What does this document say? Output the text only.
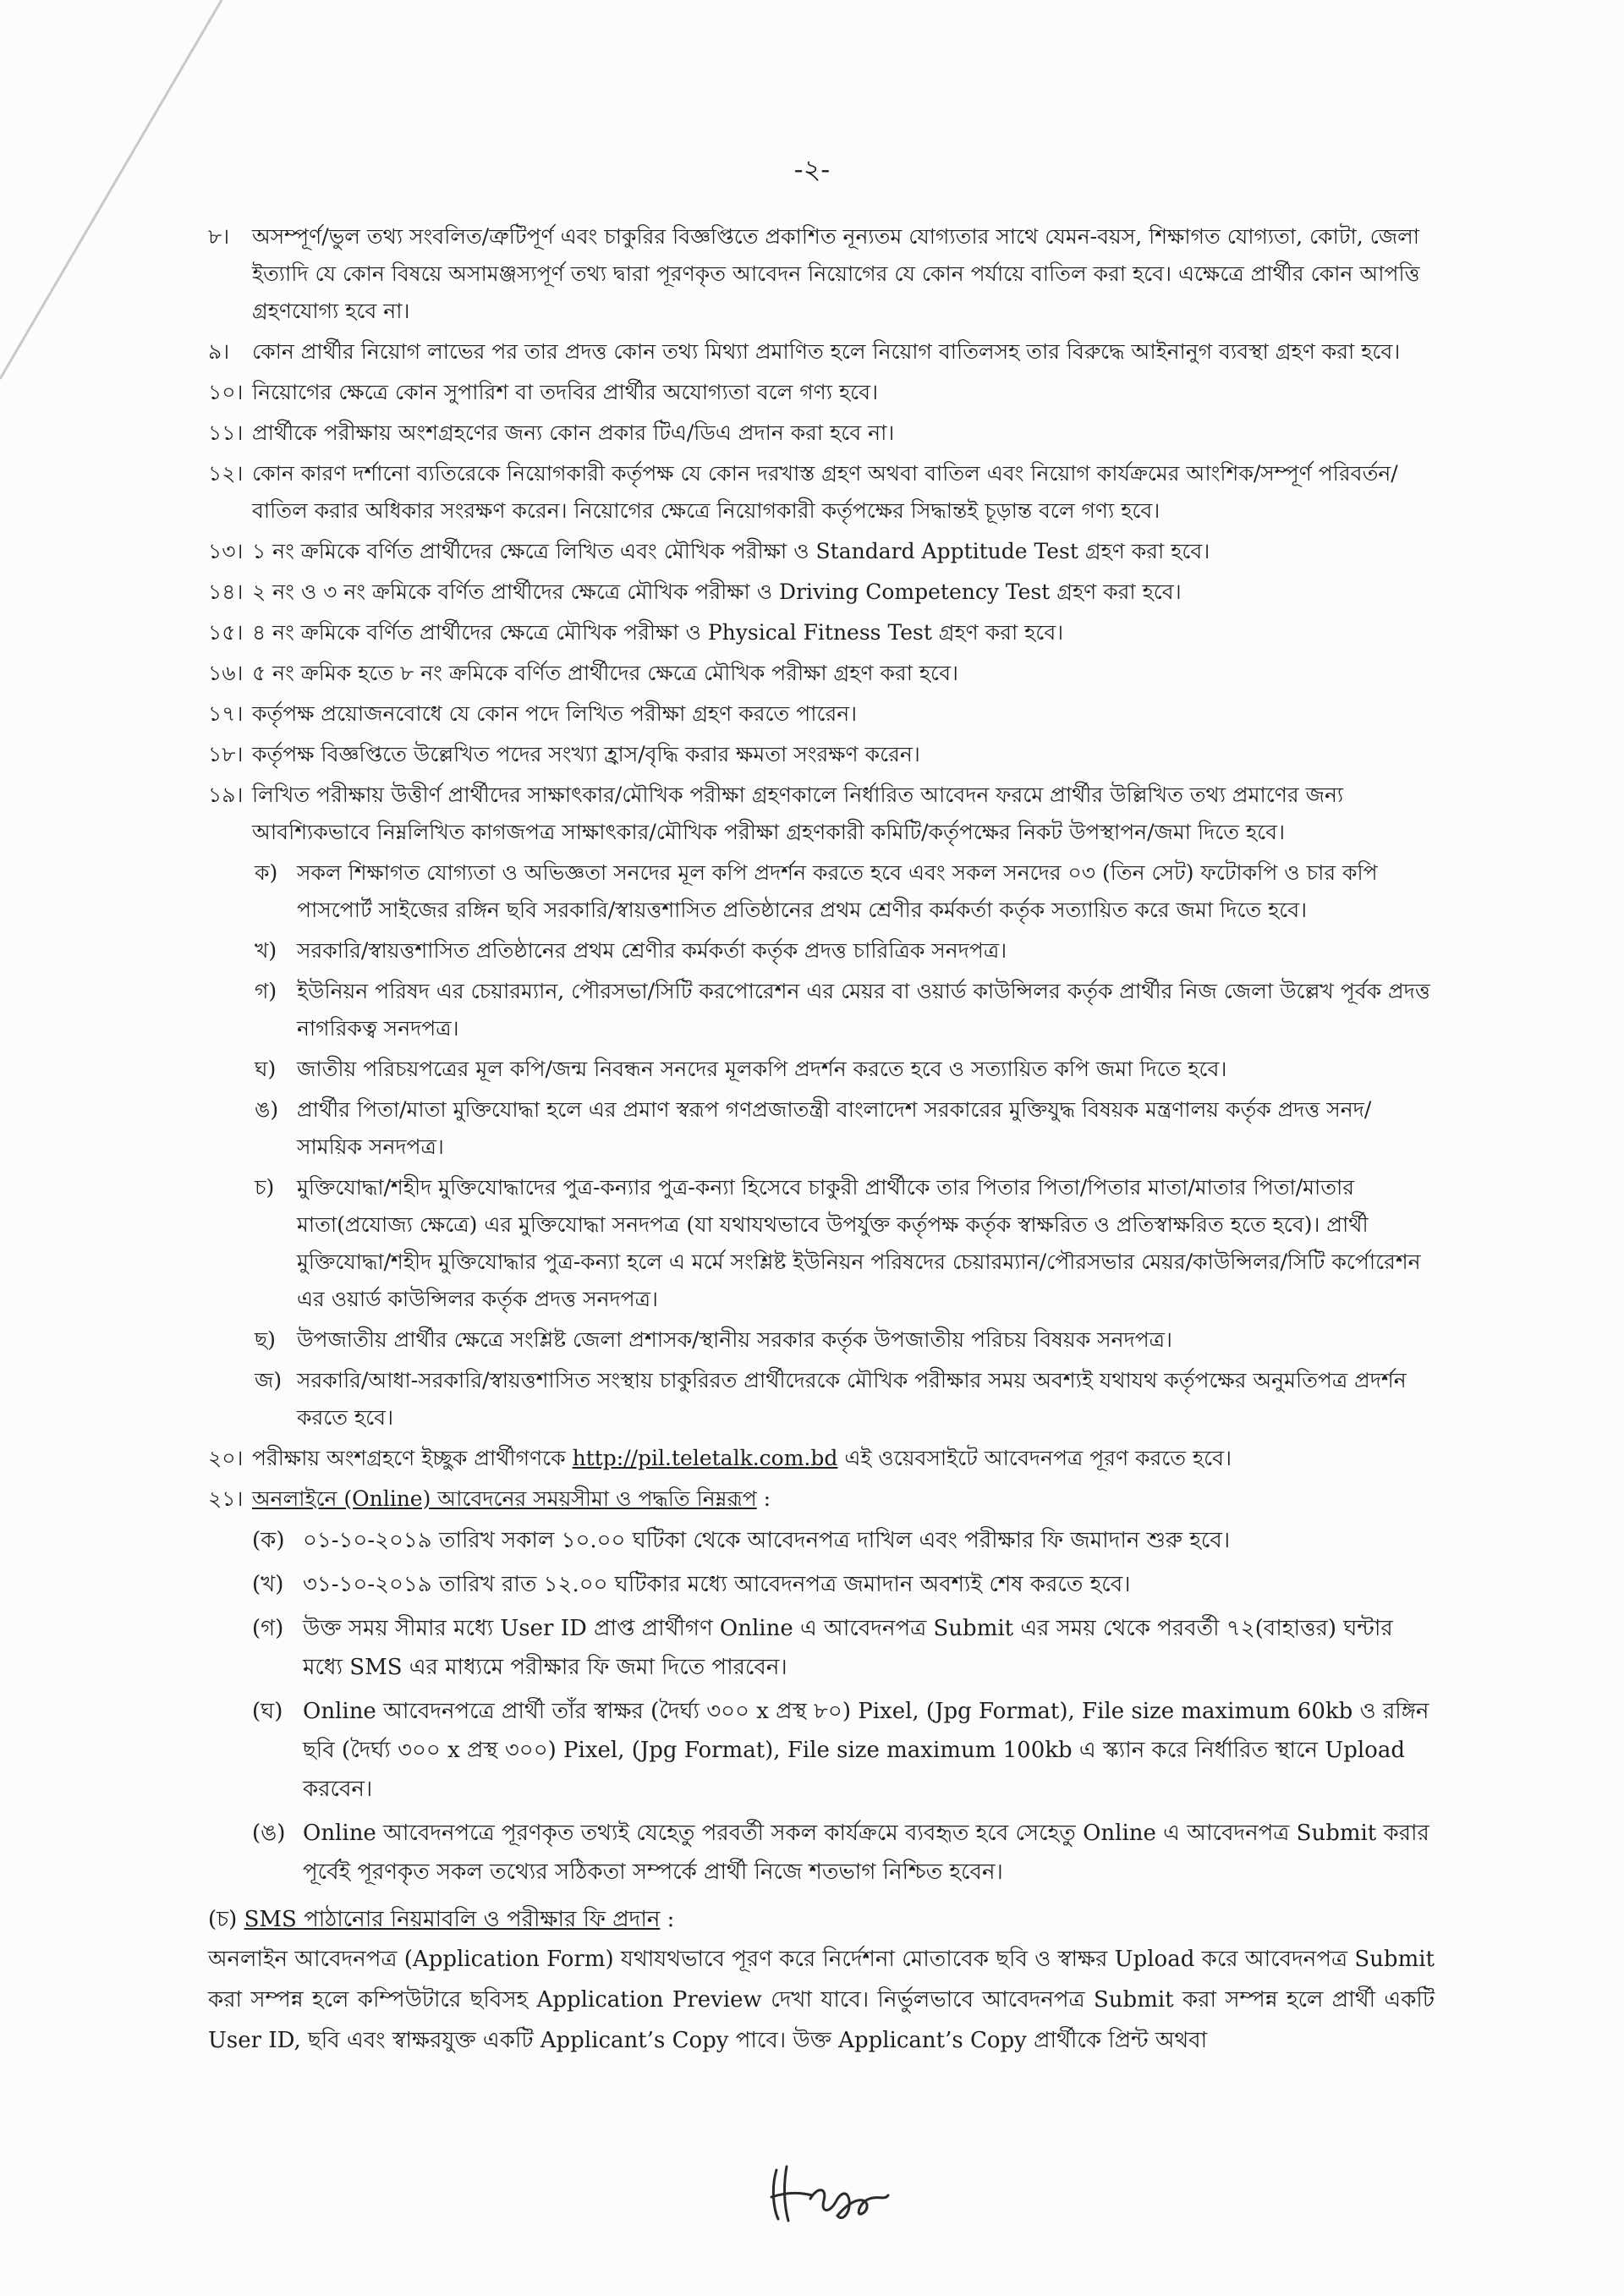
-২-
৮। অসম্পূর্ণ/ভুল তথ্য সংবলিত/ত্রুটিপূর্ণ এবং চাকুরির বিজ্ঞপ্তিতে প্রকাশিত নূন্যতম যোগ্যতার সাথে যেমন-বয়স, শিক্ষাগত যোগ্যতা, কোটা, জেলা ইত্যাদি যে কোন বিষয়ে অসামঞ্জস্যপূর্ণ তথ্য দ্বারা পূরণকৃত আবেদন নিয়োগের যে কোন পর্যায়ে বাতিল করা হবে। এক্ষেত্রে প্রার্থীর কোন আপত্তি গ্রহণযোগ্য হবে না।
৯। কোন প্রার্থীর নিয়োগ লাভের পর তার প্রদত্ত কোন তথ্য মিথ্যা প্রমাণিত হলে নিয়োগ বাতিলসহ তার বিরুদ্ধে আইনানুগ ব্যবস্থা গ্রহণ করা হবে।
১০। নিয়োগের ক্ষেত্রে কোন সুপারিশ বা তদবির প্রার্থীর অযোগ্যতা বলে গণ্য হবে।
১১। প্রার্থীকে পরীক্ষায় অংশগ্রহণের জন্য কোন প্রকার টিএ/ডিএ প্রদান করা হবে না।
১২। কোন কারণ দর্শানো ব্যতিরেকে নিয়োগকারী কর্তৃপক্ষ যে কোন দরখাস্ত গ্রহণ অথবা বাতিল এবং নিয়োগ কার্যক্রমের আংশিক/সম্পূর্ণ পরিবর্তন/বাতিল করার অধিকার সংরক্ষণ করেন। নিয়োগের ক্ষেত্রে নিয়োগকারী কর্তৃপক্ষের সিদ্ধান্তই চূড়ান্ত বলে গণ্য হবে।
১৩। ১ নং ক্রমিকে বর্ণিত প্রার্থীদের ক্ষেত্রে লিখিত এবং মৌখিক পরীক্ষা ও Standard Apptitude Test গ্রহণ করা হবে।
১৪। ২ নং ও ৩ নং ক্রমিকে বর্ণিত প্রার্থীদের ক্ষেত্রে মৌখিক পরীক্ষা ও Driving Competency Test গ্রহণ করা হবে।
১৫। ৪ নং ক্রমিকে বর্ণিত প্রার্থীদের ক্ষেত্রে মৌখিক পরীক্ষা ও Physical Fitness Test গ্রহণ করা হবে।
১৬। ৫ নং ক্রমিক হতে ৮ নং ক্রমিকে বর্ণিত প্রার্থীদের ক্ষেত্রে মৌখিক পরীক্ষা গ্রহণ করা হবে।
১৭। কর্তৃপক্ষ প্রয়োজনবোধে যে কোন পদে লিখিত পরীক্ষা গ্রহণ করতে পারেন।
১৮। কর্তৃপক্ষ বিজ্ঞপ্তিতে উল্লেখিত পদের সংখ্যা হ্রাস/বৃদ্ধি করার ক্ষমতা সংরক্ষণ করেন।
১৯। লিখিত পরীক্ষায় উত্তীর্ণ প্রার্থীদের সাক্ষাৎকার/মৌখিক পরীক্ষা গ্রহণকালে নির্ধারিত আবেদন ফরমে প্রার্থীর উল্লিখিত তথ্য প্রমাণের জন্য আবশ্যিকভাবে নিম্নলিখিত কাগজপত্র সাক্ষাৎকার/মৌখিক পরীক্ষা গ্রহণকারী কমিটি/কর্তৃপক্ষের নিকট উপস্থাপন/জমা দিতে হবে।
ক) সকল শিক্ষাগত যোগ্যতা ও অভিজ্ঞতা সনদের মূল কপি প্রদর্শন করতে হবে এবং সকল সনদের ০৩ (তিন সেট) ফটোকপি ও চার কপি পাসপোর্ট সাইজের রঙ্গিন ছবি সরকারি/স্বায়ত্তশাসিত প্রতিষ্ঠানের প্রথম শ্রেণীর কর্মকর্তা কর্তৃক সত্যায়িত করে জমা দিতে হবে।
খ) সরকারি/স্বায়ত্তশাসিত প্রতিষ্ঠানের প্রথম শ্রেণীর কর্মকর্তা কর্তৃক প্রদত্ত চারিত্রিক সনদপত্র।
গ) ইউনিয়ন পরিষদ এর চেয়ারম্যান, পৌরসভা/সিটি করপোরেশন এর মেয়র বা ওয়ার্ড কাউন্সিলর কর্তৃক প্রার্থীর নিজ জেলা উল্লেখ পূর্বক প্রদত্ত নাগরিকত্ব সনদপত্র।
ঘ) জাতীয় পরিচয়পত্রের মূল কপি/জন্ম নিবন্ধন সনদের মূলকপি প্রদর্শন করতে হবে ও সত্যায়িত কপি জমা দিতে হবে।
ঙ) প্রার্থীর পিতা/মাতা মুক্তিযোদ্ধা হলে এর প্রমাণ স্বরূপ গণপ্রজাতন্ত্রী বাংলাদেশ সরকারের মুক্তিযুদ্ধ বিষয়ক মন্ত্রণালয় কর্তৃক প্রদত্ত সনদ/সাময়িক সনদপত্র।
চ) মুক্তিযোদ্ধা/শহীদ মুক্তিযোদ্ধাদের পুত্র-কন্যার পুত্র-কন্যা হিসেবে চাকুরী প্রার্থীকে তার পিতার পিতা/পিতার মাতা/মাতার পিতা/মাতার মাতা(প্রযোজ্য ক্ষেত্রে) এর মুক্তিযোদ্ধা সনদপত্র (যা যথাযথভাবে উপর্যুক্ত কর্তৃপক্ষ কর্তৃক স্বাক্ষরিত ও প্রতিস্বাক্ষরিত হতে হবে)। প্রার্থী মুক্তিযোদ্ধা/শহীদ মুক্তিযোদ্ধার পুত্র-কন্যা হলে এ মর্মে সংশ্লিষ্ট ইউনিয়ন পরিষদের চেয়ারম্যান/পৌরসভার মেয়র/কাউন্সিলর/সিটি কর্পোরেশন এর ওয়ার্ড কাউন্সিলর কর্তৃক প্রদত্ত সনদপত্র।
ছ) উপজাতীয় প্রার্থীর ক্ষেত্রে সংশ্লিষ্ট জেলা প্রশাসক/স্থানীয় সরকার কর্তৃক উপজাতীয় পরিচয় বিষয়ক সনদপত্র।
জ) সরকারি/আধা-সরকারি/স্বায়ত্তশাসিত সংস্থায় চাকুরিরত প্রার্থীদেরকে মৌখিক পরীক্ষার সময় অবশ্যই যথাযথ কর্তৃপক্ষের অনুমতিপত্র প্রদর্শন করতে হবে।
২০। পরীক্ষায় অংশগ্রহণে ইচ্ছুক প্রার্থীগণকে http://pil.teletalk.com.bd এই ওয়েবসাইটে আবেদনপত্র পূরণ করতে হবে।
২১। অনলাইনে (Online) আবেদনের সময়সীমা ও পদ্ধতি নিম্নরূপ :
(ক) ০১-১০-২০১৯ তারিখ সকাল ১০.০০ ঘটিকা থেকে আবেদনপত্র দাখিল এবং পরীক্ষার ফি জমাদান শুরু হবে।
(খ) ৩১-১০-২০১৯ তারিখ রাত ১২.০০ ঘটিকার মধ্যে আবেদনপত্র জমাদান অবশ্যই শেষ করতে হবে।
(গ) উক্ত সময় সীমার মধ্যে User ID প্রাপ্ত প্রার্থীগণ Online এ আবেদনপত্র Submit এর সময় থেকে পরবর্তী ৭২(বাহাত্তর) ঘন্টার মধ্যে SMS এর মাধ্যমে পরীক্ষার ফি জমা দিতে পারবেন।
(ঘ) Online আবেদনপত্রে প্রার্থী তাঁর স্বাক্ষর (দৈর্ঘ্য ৩০০ x প্রস্থ ৮০) Pixel, (Jpg Format), File size maximum 60kb ও রঙ্গিন ছবি (দৈর্ঘ্য ৩০০ x প্রস্থ ৩০০) Pixel, (Jpg Format), File size maximum 100kb এ স্ক্যান করে নির্ধারিত স্থানে Upload করবেন।
(ঙ) Online আবেদনপত্রে পূরণকৃত তথ্যই যেহেতু পরবর্তী সকল কার্যক্রমে ব্যবহৃত হবে সেহেতু Online এ আবেদনপত্র Submit করার পূর্বেই পূরণকৃত সকল তথ্যের সঠিকতা সম্পর্কে প্রার্থী নিজে শতভাগ নিশ্চিত হবেন।
(চ) SMS পাঠানোর নিয়মাবলি ও পরীক্ষার ফি প্রদান :
অনলাইন আবেদনপত্র (Application Form) যথাযথভাবে পূরণ করে নির্দেশনা মোতাবেক ছবি ও স্বাক্ষর Upload করে আবেদনপত্র Submit করা সম্পন্ন হলে কম্পিউটারে ছবিসহ Application Preview দেখা যাবে। নির্ভুলভাবে আবেদনপত্র Submit করা সম্পন্ন হলে প্রার্থী একটি User ID, ছবি এবং স্বাক্ষরযুক্ত একটি Applicant’s Copy পাবে। উক্ত Applicant’s Copy প্রার্থীকে প্রিন্ট অথবা
